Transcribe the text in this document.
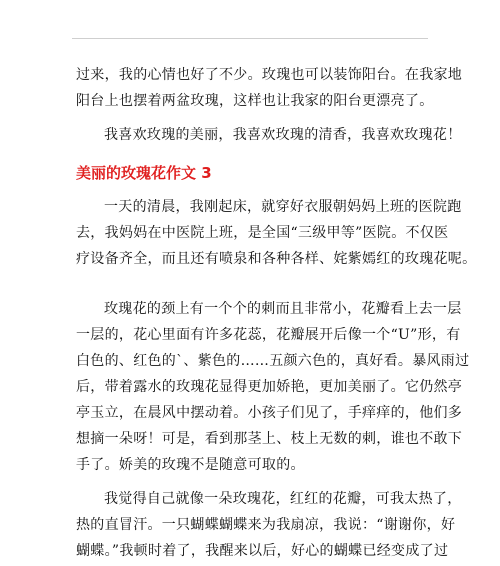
过来，我的心情也好了不少。玫瑰也可以装饰阳台。在我家地
阳台上也摆着两盆玫瑰，这样也让我家的阳台更漂亮了。
我喜欢玫瑰的美丽，我喜欢玫瑰的清香，我喜欢玫瑰花！
美丽的玫瑰花作文 3
一天的清晨，我刚起床，就穿好衣服朝妈妈上班的医院跑
去，我妈妈在中医院上班，是全国“三级甲等”医院。不仅医
疗设备齐全，而且还有喷泉和各种各样、姹紫嫣红的玫瑰花呢。
玫瑰花的颈上有一个个的刺而且非常小，花瓣看上去一层
一层的，花心里面有许多花蕊，花瓣展开后像一个“U”形，有
白色的、红色的`、紫色的……五颜六色的，真好看。暴风雨过
后，带着露水的玫瑰花显得更加娇艳，更加美丽了。它仍然亭
亭玉立，在晨风中摆动着。小孩子们见了，手痒痒的，他们多
想摘一朵呀！可是，看到那茎上、枝上无数的刺，谁也不敢下
手了。娇美的玫瑰不是随意可取的。
我觉得自己就像一朵玫瑰花，红红的花瓣，可我太热了，
热的直冒汗。一只蝴蝶蝴蝶来为我扇凉，我说：“谢谢你，好
蝴蝶。”我顿时着了，我醒来以后，好心的蝴蝶已经变成了过
